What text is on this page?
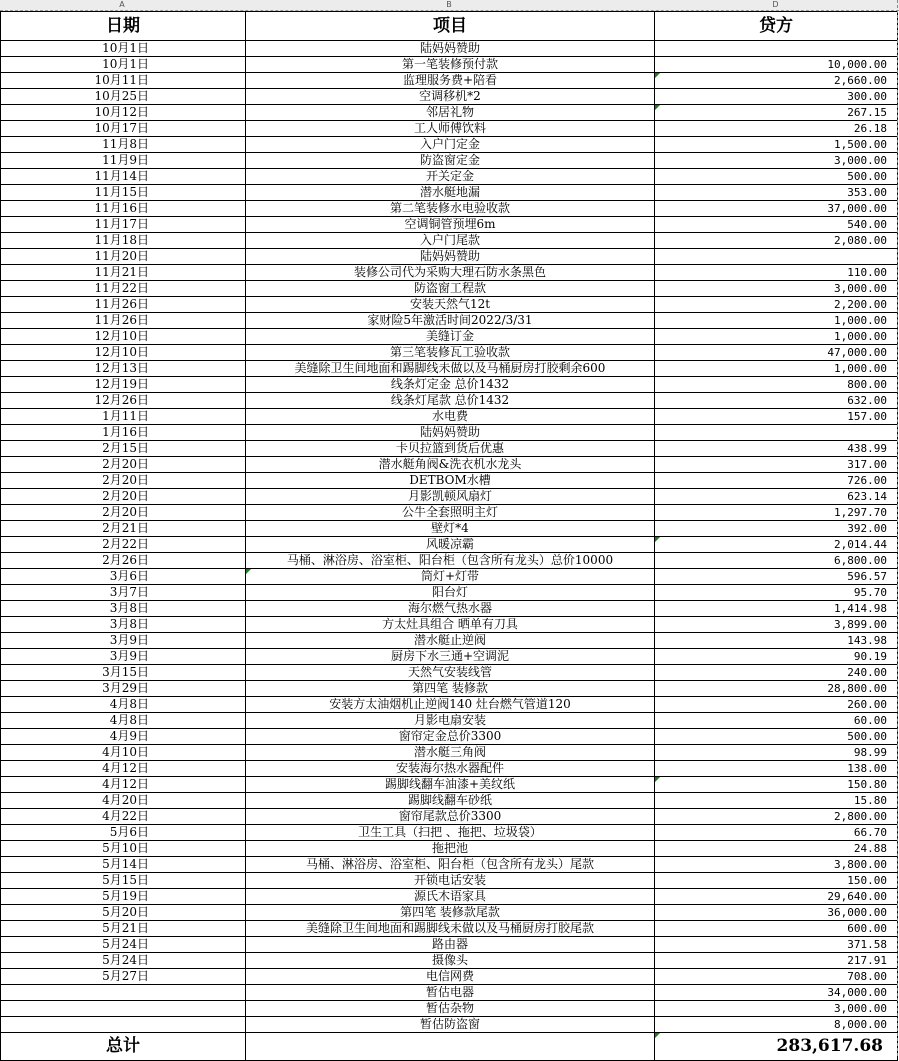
A	B	D
日期	项目	贷方
10月1日	陆妈妈赞助	
10月1日	第一笔装修预付款	10,000.00
10月11日	监理服务费+陪看	2,660.00

10月25日	空调移机*2	300.00
10月12日	邻居礼物	267.15

10月17日	工人师傅饮料	26.18
11月8日	入户门定金	1,500.00
11月9日	防盗窗定金	3,000.00
11月14日	开关定金	500.00
11月15日	潜水艇地漏	353.00
11月16日	第二笔装修水电验收款	37,000.00
11月17日	空调铜管预埋6m	540.00
11月18日	入户门尾款	2,080.00
11月20日	陆妈妈赞助	
11月21日	装修公司代为采购大理石防水条黑色	110.00
11月22日	防盗窗工程款	3,000.00
11月26日	安装天然气12t	2,200.00
11月26日	家财险5年激活时间2022/3/31	1,000.00
12月10日	美缝订金	1,000.00
12月10日	第三笔装修瓦工验收款	47,000.00
12月13日	美缝除卫生间地面和踢脚线未做以及马桶厨房打胶剩余600	1,000.00
12月19日	线条灯定金 总价1432	800.00
12月26日	线条灯尾款 总价1432	632.00
1月11日	水电费	157.00
1月16日	陆妈妈赞助	
2月15日	卡贝拉篮到货后优惠	438.99
2月20日	潜水艇角阀&洗衣机水龙头	317.00
2月20日	DETBOM水槽	726.00
2月20日	月影凯顿风扇灯	623.14
2月20日	公牛全套照明主灯	1,297.70
2月21日	壁灯*4	392.00
2月22日	风暖凉霸	2,014.44

2月26日	马桶、淋浴房、浴室柜、阳台柜（包含所有龙头）总价10000	6,800.00
3月6日	筒灯+灯带	596.57
3月7日	阳台灯	95.70
3月8日	海尔燃气热水器	1,414.98
3月8日	方太灶具组合 晒单有刀具	3,899.00
3月9日	潜水艇止逆阀	143.98
3月9日	厨房下水三通+空调泥	90.19
3月15日	天然气安装线管	240.00
3月29日	第四笔 装修款	28,800.00
4月8日	安装方太油烟机止逆阀140 灶台燃气管道120	260.00
4月8日	月影电扇安装	60.00
4月9日	窗帘定金总价3300	500.00
4月10日	潜水艇三角阀	98.99
4月12日	安装海尔热水器配件	138.00
4月12日	踢脚线翻车油漆+美纹纸	150.80

4月20日	踢脚线翻车砂纸	15.80
4月22日	窗帘尾款总价3300	2,800.00
5月6日	卫生工具（扫把 、拖把、垃圾袋）	66.70
5月10日	拖把池	24.88
5月14日	马桶、淋浴房、浴室柜、阳台柜（包含所有龙头）尾款	3,800.00
5月15日	开锁电话安装	150.00
5月19日	源氏木语家具	29,640.00
5月20日	第四笔 装修款尾款	36,000.00
5月21日	美缝除卫生间地面和踢脚线未做以及马桶厨房打胶尾款	600.00
5月24日	路由器	371.58
5月24日	摄像头	217.91
5月27日	电信网费	708.00
	暂估电器	34,000.00
	暂估杂物	3,000.00
	暂估防盗窗	8,000.00
总计		283,617.68
